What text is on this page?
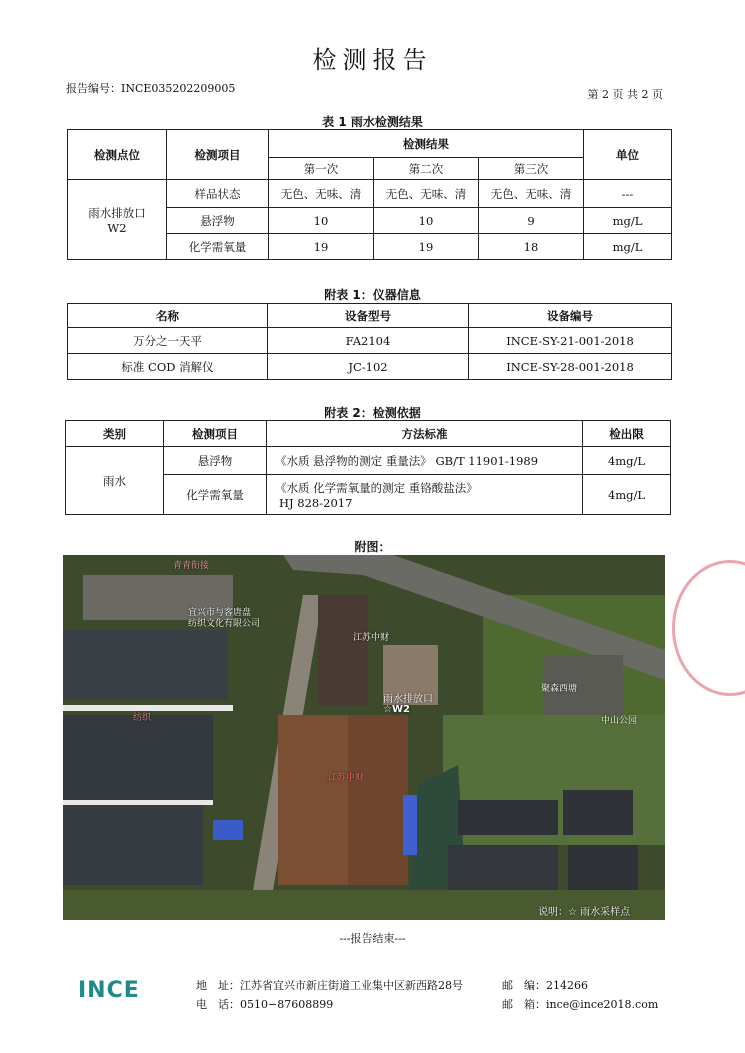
检测报告
报告编号：INCE035202209005	第 2 页 共 2 页
表 1 雨水检测结果
检测点位	检测项目	检测结果			单位
		第一次	第二次	第三次	

雨水排放口
W2	样品状态	无色、无味、清	无色、无味、清	无色、无味、清	---
	悬浮物	10	10	9	mg/L
	化学需氧量	19	19	18	mg/L
附表 1：仪器信息
名称	设备型号	设备编号
万分之一天平	FA2104	INCE-SY-21-001-2018
标准 COD 消解仪	JC-102	INCE-SY-28-001-2018
附表 2：检测依据
类别	检测项目	方法标准	检出限
雨水	悬浮物	《水质 悬浮物的测定 重量法》 GB/T 11901-1989	4mg/L
	化学需氧量	《水质 化学需氧量的测定 重铬酸盐法》
HJ 828-2017	4mg/L
附图：
青青衔接
宜兴市与客唐盘
纺织文化有限公司
江苏中财
雨水排放口
☆W2
江苏中财
纺织
聚森西塘
中山公园
说明：☆ 雨水采样点
---报告结束---
INCE	地　址：江苏省宜兴市新庄街道工业集中区新西路28号	邮　编：214266
电　话：0510−87608899	邮　箱：ince@ince2018.com
